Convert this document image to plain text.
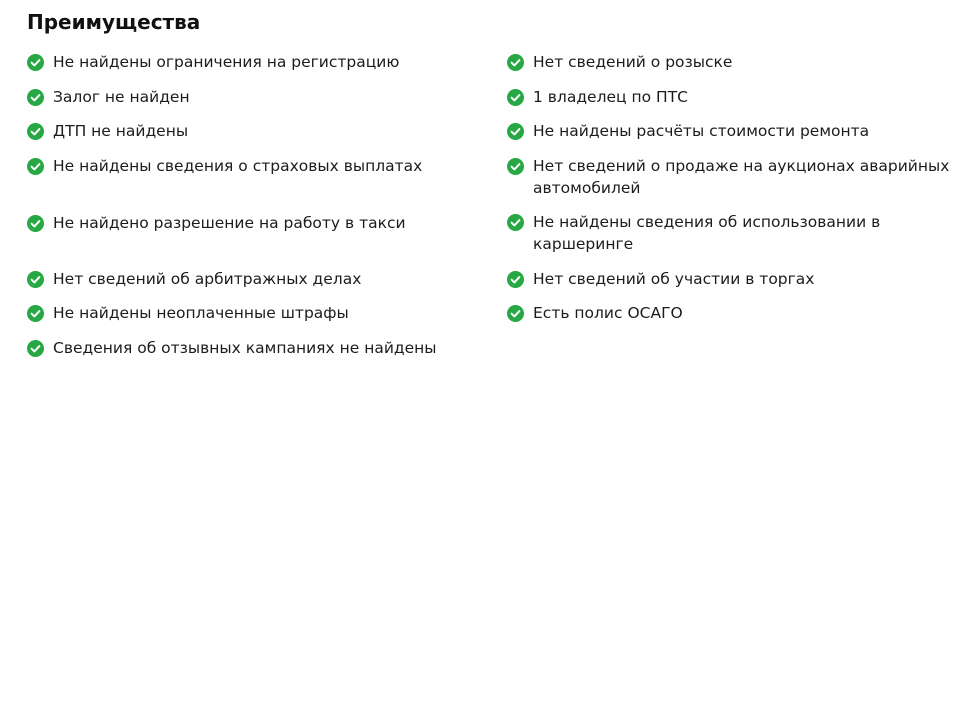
Преимущества
Не найдены ограничения на регистрацию
Залог не найден
ДТП не найдены
Не найдены сведения о страховых выплатах
Не найдено разрешение на работу в такси
Нет сведений об арбитражных делах
Не найдены неоплаченные штрафы
Сведения об отзывных кампаниях не найдены
Нет сведений о розыске
1 владелец по ПТС
Не найдены расчёты стоимости ремонта
Нет сведений о продаже на аукционах аварийных автомобилей
Не найдены сведения об использовании в каршеринге
Нет сведений об участии в торгах
Есть полис ОСАГО
